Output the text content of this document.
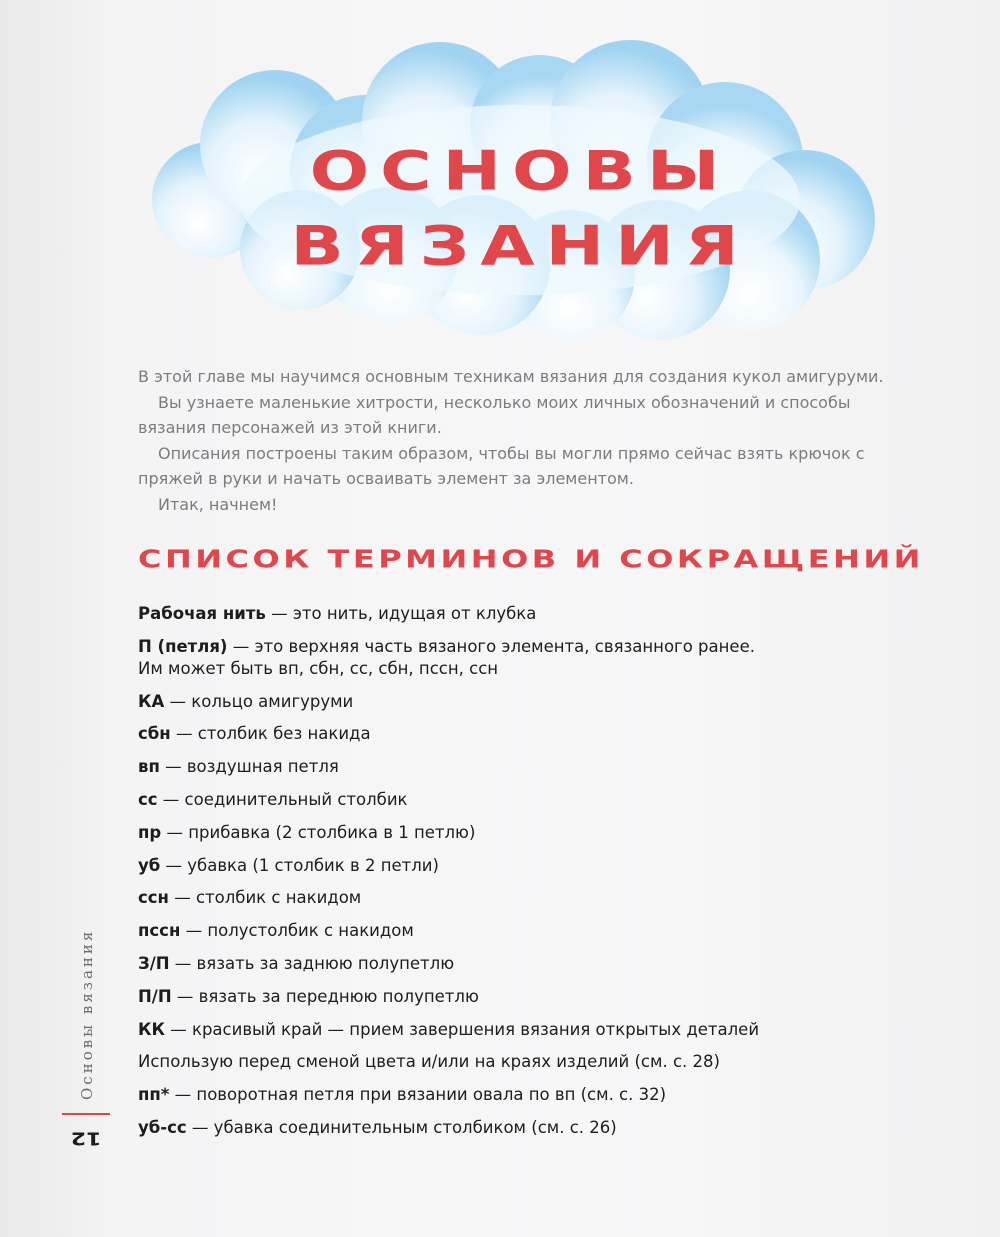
ОСНОВЫ
ВЯЗАНИЯ

В этой главе мы научимся основным техникам вязания для создания кукол амигуруми.

Вы узнаете маленькие хитрости, несколько моих личных обозначений и способы вязания персонажей из этой книги.

Описания построены таким образом, чтобы вы могли прямо сейчас взять крючок с пряжей в руки и начать осваивать элемент за элементом.

Итак, начнем!

СПИСОК ТЕРМИНОВ И СОКРАЩЕНИЙ
Рабочая нить — это нить, идущая от клубка
П (петля) — это верхняя часть вязаного элемента, связанного ранее.
Им может быть вп, сбн, сс, сбн, пссн, ссн
КА — кольцо амигуруми
сбн — столбик без накида
вп — воздушная петля
сс — соединительный столбик
пр — прибавка (2 столбика в 1 петлю)
уб — убавка (1 столбик в 2 петли)
ссн — столбик с накидом
пссн — полустолбик с накидом
З/П — вязать за заднюю полупетлю
П/П — вязать за переднюю полупетлю
КК — красивый край — прием завершения вязания открытых деталей
Использую перед сменой цвета и/или на краях изделий (см. с. 28)
пп* — поворотная петля при вязании овала по вп (см. с. 32)
уб-сс — убавка соединительным столбиком (см. с. 26)
Основы вязания
12
